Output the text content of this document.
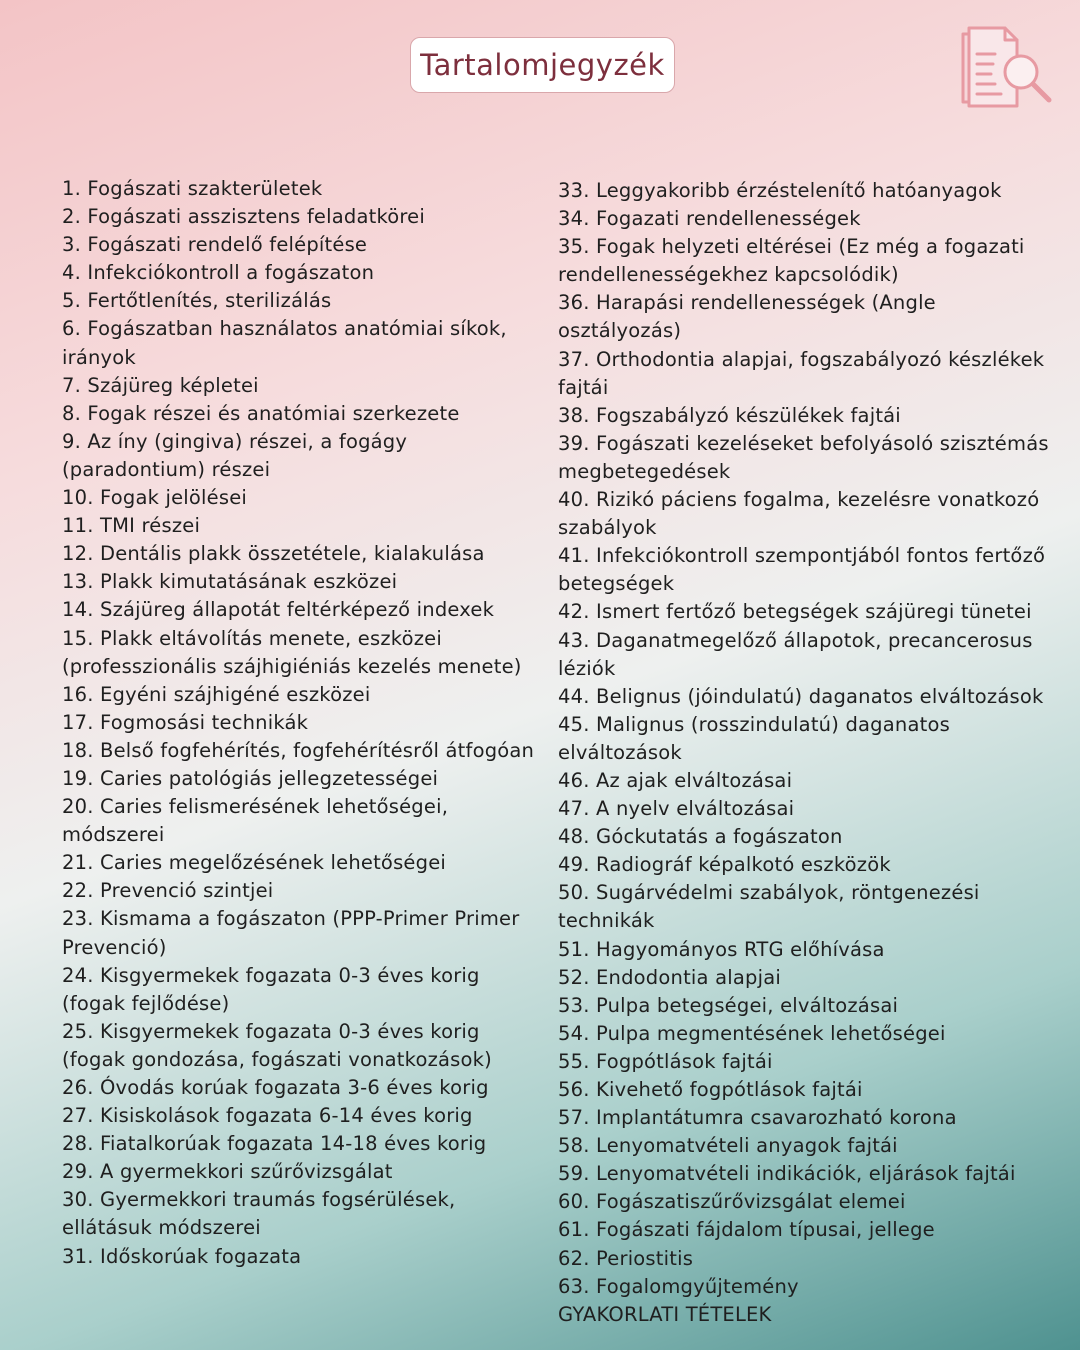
Tartalomjegyzék

1. Fogászati szakterületek

2. Fogászati asszisztens feladatkörei

3. Fogászati rendelő felépítése

4. Infekciókontroll a fogászaton

5. Fertőtlenítés, sterilizálás

6. Fogászatban használatos anatómiai síkok, irányok

7. Szájüreg képletei

8. Fogak részei és anatómiai szerkezete

9. Az íny (gingiva) részei, a fogágy (paradontium) részei

10. Fogak jelölései

11. TMI részei

12. Dentális plakk összetétele, kialakulása

13. Plakk kimutatásának eszközei

14. Szájüreg állapotát feltérképező indexek

15. Plakk eltávolítás menete, eszközei (professzionális szájhigiéniás kezelés menete)

16. Egyéni szájhigéné eszközei

17. Fogmosási technikák

18. Belső fogfehérítés, fogfehérítésről átfogóan

19. Caries patológiás jellegzetességei

20. Caries felismerésének lehetőségei, módszerei

21. Caries megelőzésének lehetőségei

22. Prevenció szintjei

23. Kismama a fogászaton (PPP-Primer Primer Prevenció)

24. Kisgyermekek fogazata 0-3 éves korig (fogak fejlődése)

25. Kisgyermekek fogazata 0-3 éves korig (fogak gondozása, fogászati vonatkozások)

26. Óvodás korúak fogazata 3-6 éves korig

27. Kisiskolások fogazata 6-14 éves korig

28. Fiatalkorúak fogazata 14-18 éves korig

29. A gyermekkori szűrővizsgálat

30. Gyermekkori traumás fogsérülések, ellátásuk módszerei

31. Időskorúak fogazata

33. Leggyakoribb érzéstelenítő hatóanyagok

34. Fogazati rendellenességek

35. Fogak helyzeti eltérései (Ez még a fogazati rendellenességekhez kapcsolódik)

36. Harapási rendellenességek (Angle osztályozás)

37. Orthodontia alapjai, fogszabályozó készlékek fajtái

38. Fogszabályzó készülékek fajtái

39. Fogászati kezeléseket befolyásoló szisztémás megbetegedések

40. Rizikó páciens fogalma, kezelésre vonatkozó szabályok

41. Infekciókontroll szempontjából fontos fertőző betegségek

42. Ismert fertőző betegségek szájüregi tünetei

43. Daganatmegelőző állapotok, precancerosus léziók

44. Belignus (jóindulatú) daganatos elváltozások

45. Malignus (rosszindulatú) daganatos elváltozások

46. Az ajak elváltozásai

47. A nyelv elváltozásai

48. Góckutatás a fogászaton

49. Radiográf képalkotó eszközök

50. Sugárvédelmi szabályok, röntgenezési technikák

51. Hagyományos RTG előhívása

52. Endodontia alapjai

53. Pulpa betegségei, elváltozásai

54. Pulpa megmentésének lehetőségei

55. Fogpótlások fajtái

56. Kivehető fogpótlások fajtái

57. Implantátumra csavarozható korona

58. Lenyomatvételi anyagok fajtái

59. Lenyomatvételi indikációk, eljárások fajtái

60. Fogászatiszűrővizsgálat elemei

61. Fogászati fájdalom típusai, jellege

62. Periostitis

63. Fogalomgyűjtemény

GYAKORLATI TÉTELEK
